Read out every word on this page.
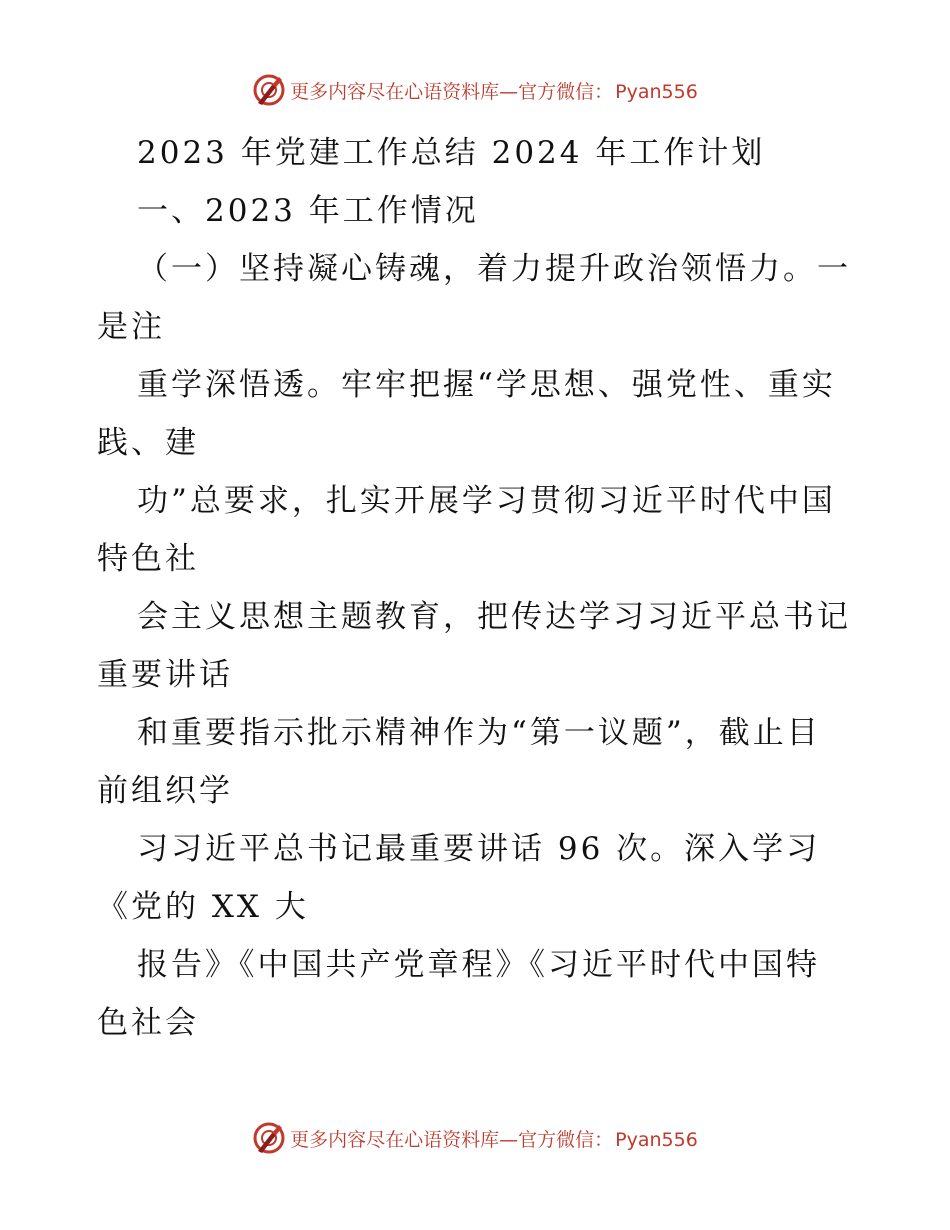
更多内容尽在心语资料库—官方微信： Pyan556
2023 年党建工作总结 2024 年工作计划
一、2023 年工作情况
（一）坚持凝心铸魂，着力提升政治领悟力。一
是注
重学深悟透。牢牢把握“学思想、强党性、重实
践、建
功”总要求，扎实开展学习贯彻习近平时代中国
特色社
会主义思想主题教育，把传达学习习近平总书记
重要讲话
和重要指示批示精神作为“第一议题”，截止目
前组织学
习习近平总书记最重要讲话 96 次。深入学习
《党的 XX 大
报告》《中国共产党章程》《习近平时代中国特
色社会
更多内容尽在心语资料库—官方微信： Pyan556
